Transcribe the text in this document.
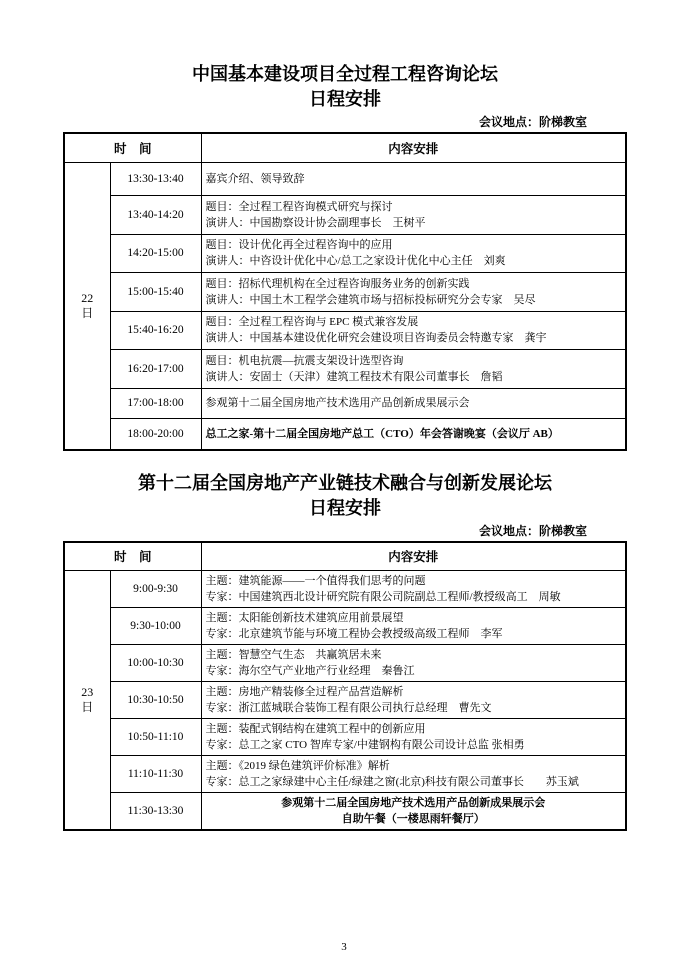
中国基本建设项目全过程工程咨询论坛
日程安排
会议地点：阶梯教室
时　间		内容安排

22
日	13:30-13:40	嘉宾介绍、领导致辞

	13:40-14:20	题目：全过程工程咨询模式研究与探讨
演讲人：中国勘察设计协会副理事长　王树平

	14:20-15:00	题目：设计优化再全过程咨询中的应用
演讲人：中咨设计优化中心/总工之家设计优化中心主任　刘爽

	15:00-15:40	题目：招标代理机构在全过程咨询服务业务的创新实践
演讲人：中国土木工程学会建筑市场与招标投标研究分会专家　吴尽

	15:40-16:20	题目：全过程工程咨询与 EPC 模式兼容发展
演讲人：中国基本建设优化研究会建设项目咨询委员会特邀专家　龚宇

	16:20-17:00	题目：机电抗震—抗震支架设计选型咨询
演讲人：安固士（天津）建筑工程技术有限公司董事长　詹韬

	17:00-18:00	参观第十二届全国房地产技术选用产品创新成果展示会

	18:00-20:00	总工之家-第十二届全国房地产总工（CTO）年会答谢晚宴（会议厅 AB）
第十二届全国房地产产业链技术融合与创新发展论坛
日程安排
会议地点：阶梯教室
时　间		内容安排

23
日
	9:00-9:30	
主题：建筑能源——一个值得我们思考的问题
专家：中国建筑西北设计研究院有限公司院副总工程师/教授级高工　周敏

	9:30-10:00	主题：太阳能创新技术建筑应用前景展望
专家：北京建筑节能与环境工程协会教授级高级工程师　李军

	10:00-10:30	主题：智慧空气生态　共赢筑居未来
专家：海尔空气产业地产行业经理　秦鲁江

	10:30-10:50	主题：房地产精装修全过程产品营造解析
专家：浙江蓝城联合装饰工程有限公司执行总经理　曹先文

	10:50-11:10	主题：装配式钢结构在建筑工程中的创新应用
专家：总工之家 CTO 智库专家/中建钢构有限公司设计总监 张相勇

	11:10-11:30	主题：《2019 绿色建筑评价标准》解析
专家：总工之家绿建中心主任/绿建之窗(北京)科技有限公司董事长　　苏玉斌

	11:30-13:30	参观第十二届全国房地产技术选用产品创新成果展示会
自助午餐（一楼思雨轩餐厅）
3
